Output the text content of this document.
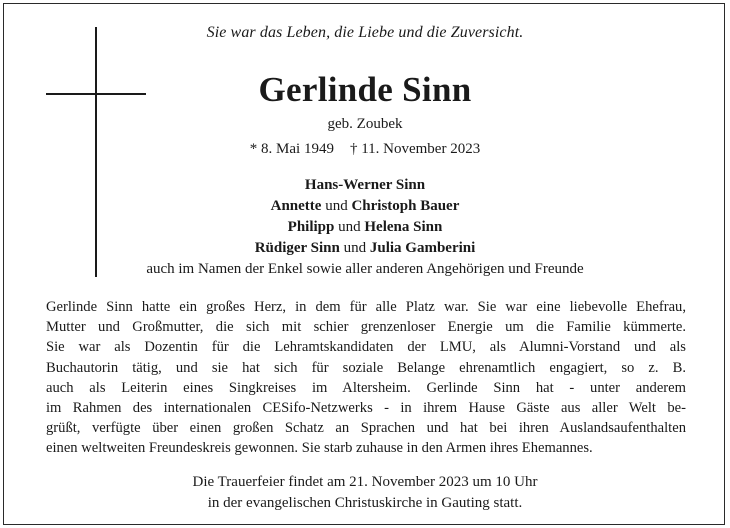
Sie war das Leben, die Liebe und die Zuversicht.
Gerlinde Sinn
geb. Zoubek
* 8. Mai 1949 † 11. November 2023
Hans-Werner Sinn
Annette und Christoph Bauer
Philipp und Helena Sinn
Rüdiger Sinn und Julia Gamberini
auch im Namen der Enkel sowie aller anderen Angehörigen und Freunde
Gerlinde Sinn hatte ein großes Herz, in dem für alle Platz war. Sie war eine liebevolle Ehefrau,
Mutter und Großmutter, die sich mit schier grenzenloser Energie um die Familie kümmerte.
Sie war als Dozentin für die Lehramtskandidaten der LMU, als Alumni-Vorstand und als
Buchautorin tätig, und sie hat sich für soziale Belange ehrenamtlich engagiert, so z. B.
auch als Leiterin eines Singkreises im Altersheim. Gerlinde Sinn hat - unter anderem
im Rahmen des internationalen CESifo-Netzwerks - in ihrem Hause Gäste aus aller Welt be-
grüßt, verfügte über einen großen Schatz an Sprachen und hat bei ihren Auslandsaufenthalten
einen weltweiten Freundeskreis gewonnen. Sie starb zuhause in den Armen ihres Ehemannes.
Die Trauerfeier findet am 21. November 2023 um 10 Uhr
in der evangelischen Christuskirche in Gauting statt.
